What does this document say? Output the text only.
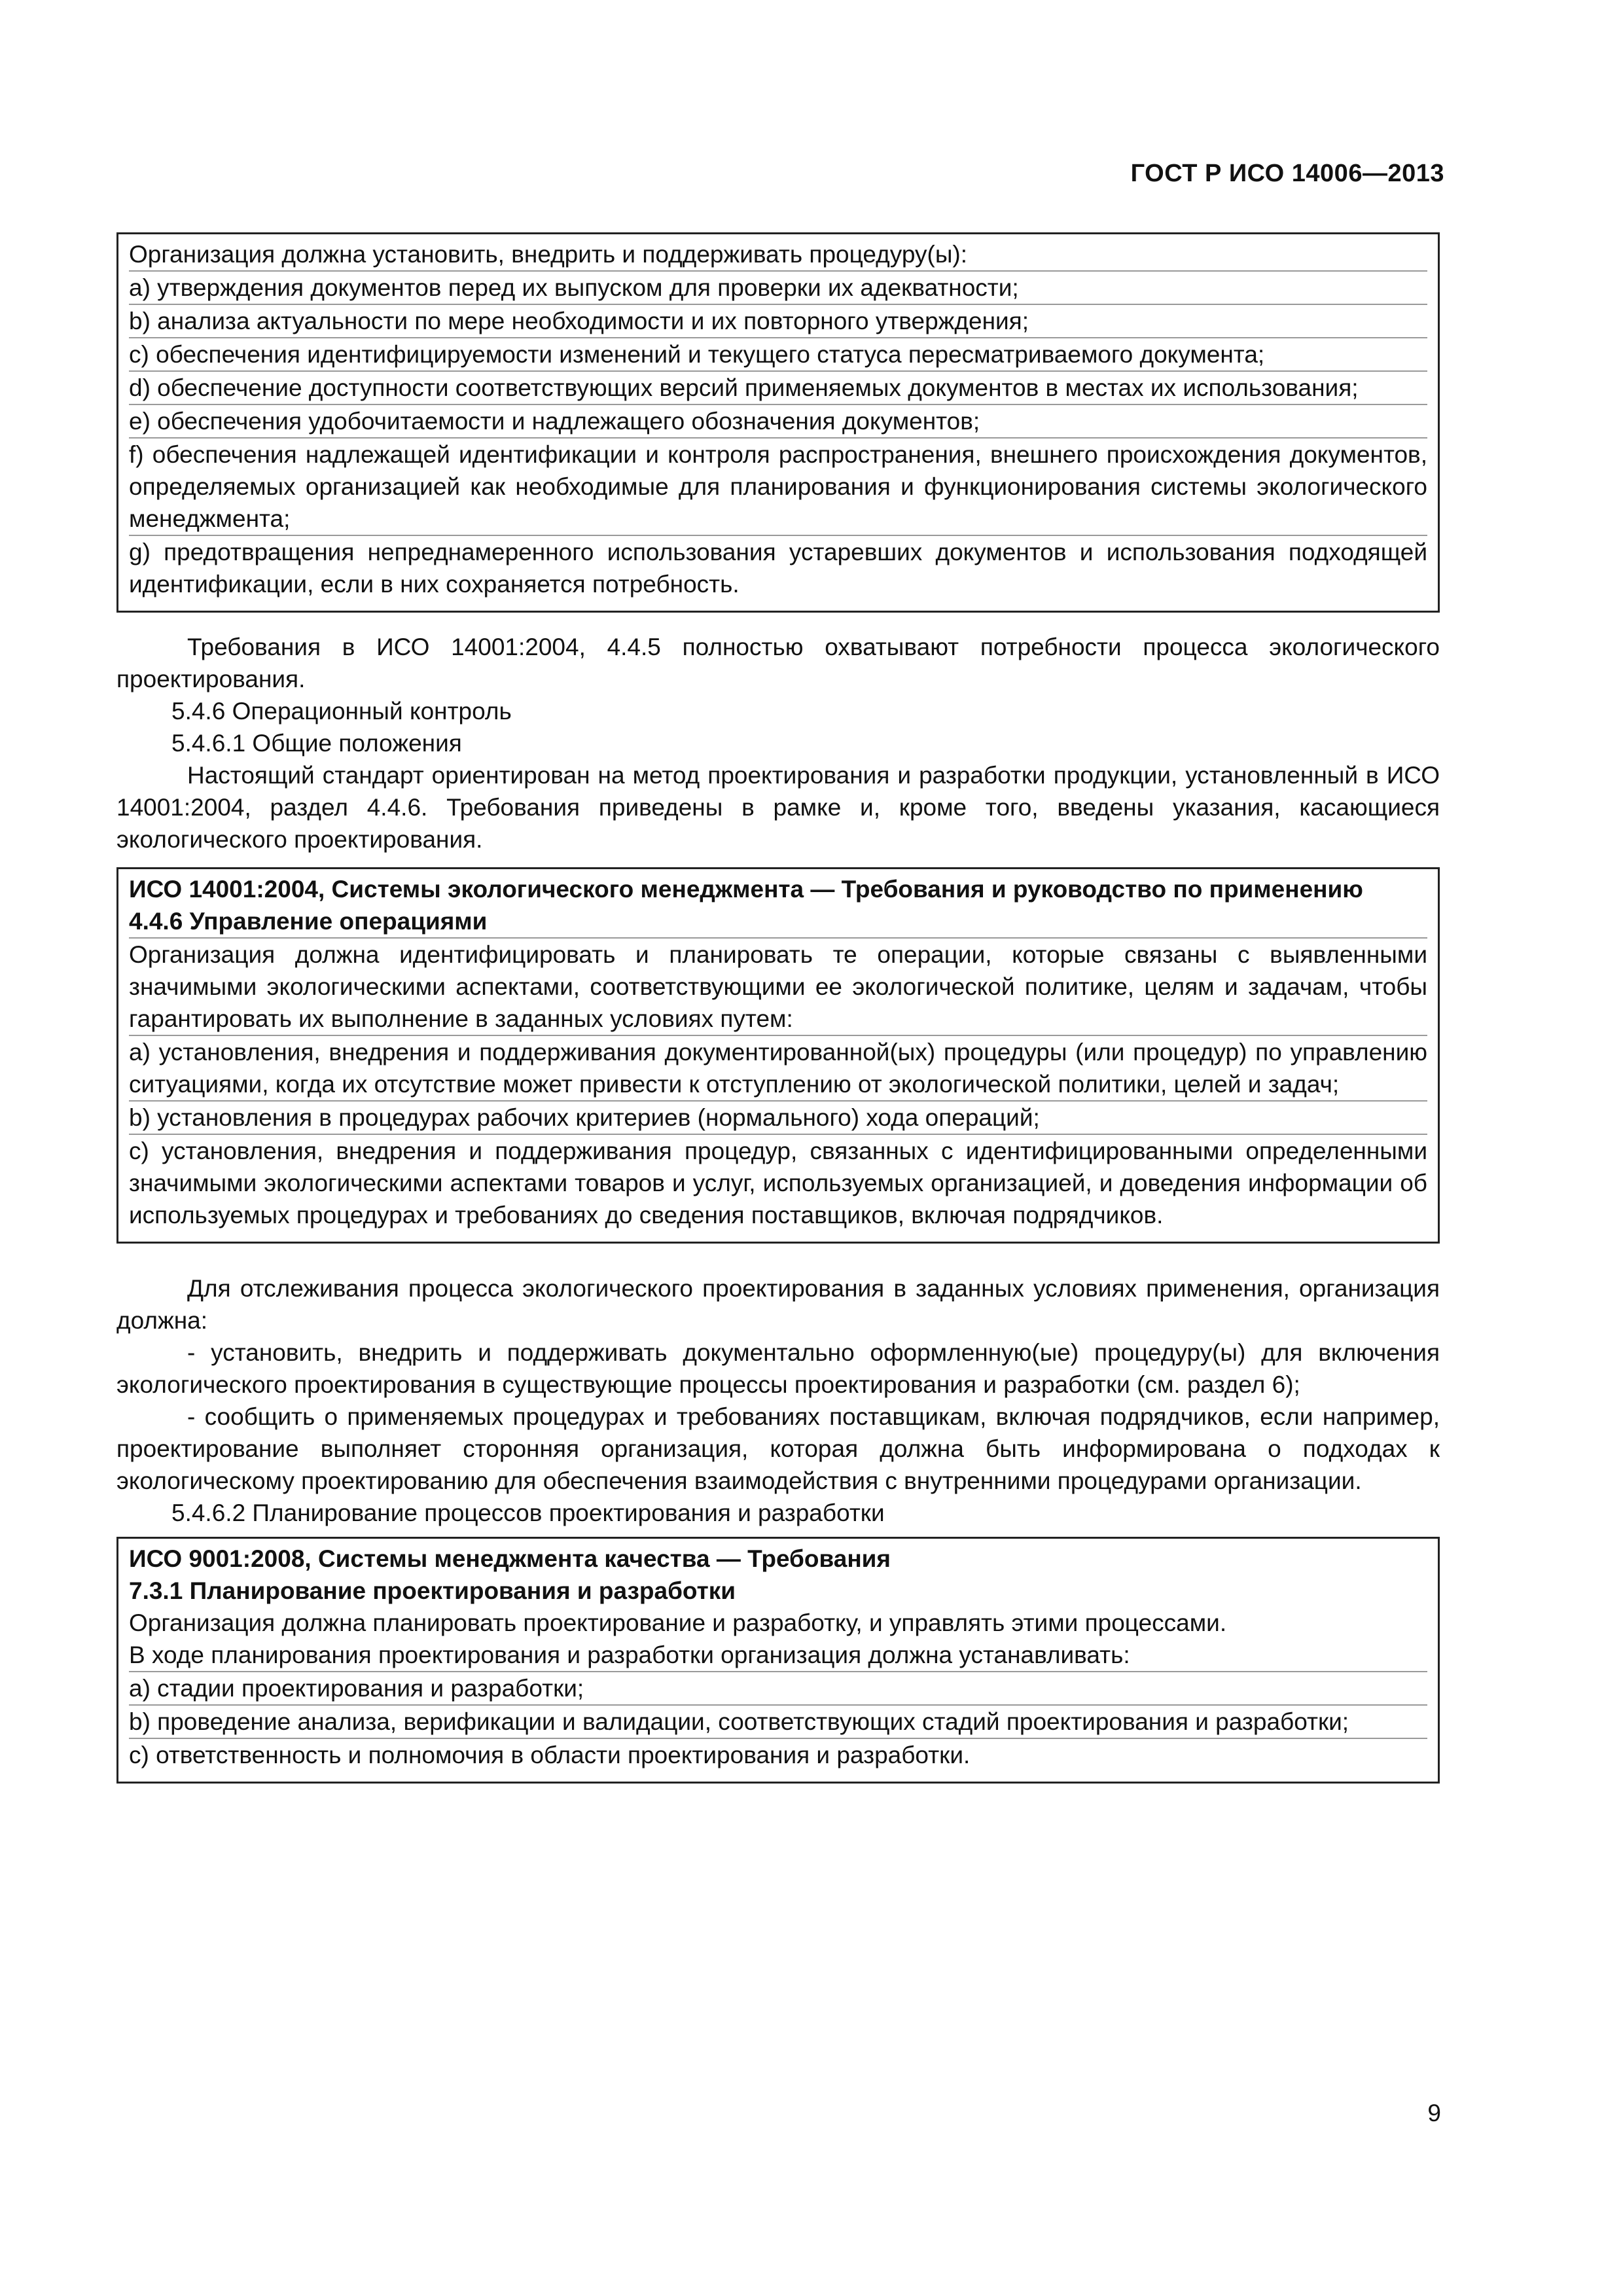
ГОСТ Р ИСО 14006—2013

Организация должна установить, внедрить и поддерживать процедуру(ы):

a) утверждения документов перед их выпуском для проверки их адекватности;

b) анализа актуальности по мере необходимости и их повторного утверждения;

c) обеспечения идентифицируемости изменений и текущего статуса пересматриваемого документа;

d) обеспечение доступности соответствующих версий применяемых документов в местах их использования;

e) обеспечения удобочитаемости и надлежащего обозначения документов;

f) обеспечения надлежащей идентификации и контроля распространения, внешнего происхождения документов, определяемых организацией как необходимые для планирования и функционирования системы экологического менеджмента;

g) предотвращения непреднамеренного использования устаревших документов и использования подходящей идентификации, если в них сохраняется потребность.

Требования в ИСО 14001:2004, 4.4.5 полностью охватывают потребности процесса экологического проектирования.

5.4.6 Операционный контроль

5.4.6.1 Общие положения

Настоящий стандарт ориентирован на метод проектирования и разработки продукции, установленный в ИСО 14001:2004, раздел 4.4.6. Требования приведены в рамке и, кроме того, введены указания, касающиеся экологического проектирования.

ИСО 14001:2004, Системы экологического менеджмента — Требования и руководство по применению

4.4.6 Управление операциями

Организация должна идентифицировать и планировать те операции, которые связаны с выявленными значимыми экологическими аспектами, соответствующими ее экологической политике, целям и задачам, чтобы гарантировать их выполнение в заданных условиях путем:

a) установления, внедрения и поддерживания документированной(ых) процедуры (или процедур) по управлению ситуациями, когда их отсутствие может привести к отступлению от экологической политики, целей и задач;

b) установления в процедурах рабочих критериев (нормального) хода операций;

c) установления, внедрения и поддерживания процедур, связанных с идентифицированными определенными значимыми экологическими аспектами товаров и услуг, используемых организацией, и доведения информации об используемых процедурах и требованиях до сведения поставщиков, включая подрядчиков.

Для отслеживания процесса экологического проектирования в заданных условиях применения, организация должна:

- установить, внедрить и поддерживать документально оформленную(ые) процедуру(ы) для включения экологического проектирования в существующие процессы проектирования и разработки (см. раздел 6);

- сообщить о применяемых процедурах и требованиях поставщикам, включая подрядчиков, если например, проектирование выполняет сторонняя организация, которая должна быть информирована о подходах к экологическому проектированию для обеспечения взаимодействия с внутренними процедурами организации.

5.4.6.2 Планирование процессов проектирования и разработки

ИСО 9001:2008, Системы менеджмента качества — Требования

7.3.1 Планирование проектирования и разработки

Организация должна планировать проектирование и разработку, и управлять этими процессами.

В ходе планирования проектирования и разработки организация должна устанавливать:

a) стадии проектирования и разработки;

b) проведение анализа, верификации и валидации, соответствующих стадий проектирования и разработки;

c) ответственность и полномочия в области проектирования и разработки.

9
